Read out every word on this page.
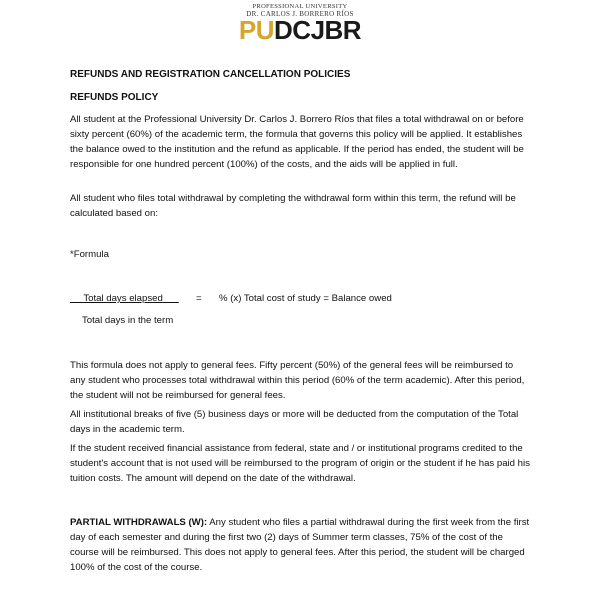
PROFESSIONAL UNIVERSITY
DR. CARLOS J. BORRERO RÍOS
PUDCJBR

REFUNDS AND REGISTRATION CANCELLATION POLICIES

REFUNDS POLICY

All student at the Professional University Dr. Carlos J. Borrero Ríos that files a total withdrawal on or before sixty percent (60%) of the academic term, the formula that governs this policy will be applied. It establishes the balance owed to the institution and the refund as applicable. If the period has ended, the student will be responsible for one hundred percent (100%) of the costs, and the aids will be applied in full.

All student who files total withdrawal by completing the withdrawal form within this term, the refund will be calculated based on:

*Formula

Total days elapsed	= % (x) Total cost of study = Balance owed
Total days in the term

This formula does not apply to general fees. Fifty percent (50%) of the general fees will be reimbursed to any student who processes total withdrawal within this period (60% of the term academic). After this period, the student will not be reimbursed for general fees.

All institutional breaks of five (5) business days or more will be deducted from the computation of the Total days in the academic term.

If the student received financial assistance from federal, state and / or institutional programs credited to the student's account that is not used will be reimbursed to the program of origin or the student if he has paid his tuition costs. The amount will depend on the date of the withdrawal.

PARTIAL WITHDRAWALS (W): Any student who files a partial withdrawal during the first week from the first day of each semester and during the first two (2) days of Summer term classes, 75% of the cost of the course will be reimbursed. This does not apply to general fees. After this period, the student will be charged 100% of the cost of the course.
